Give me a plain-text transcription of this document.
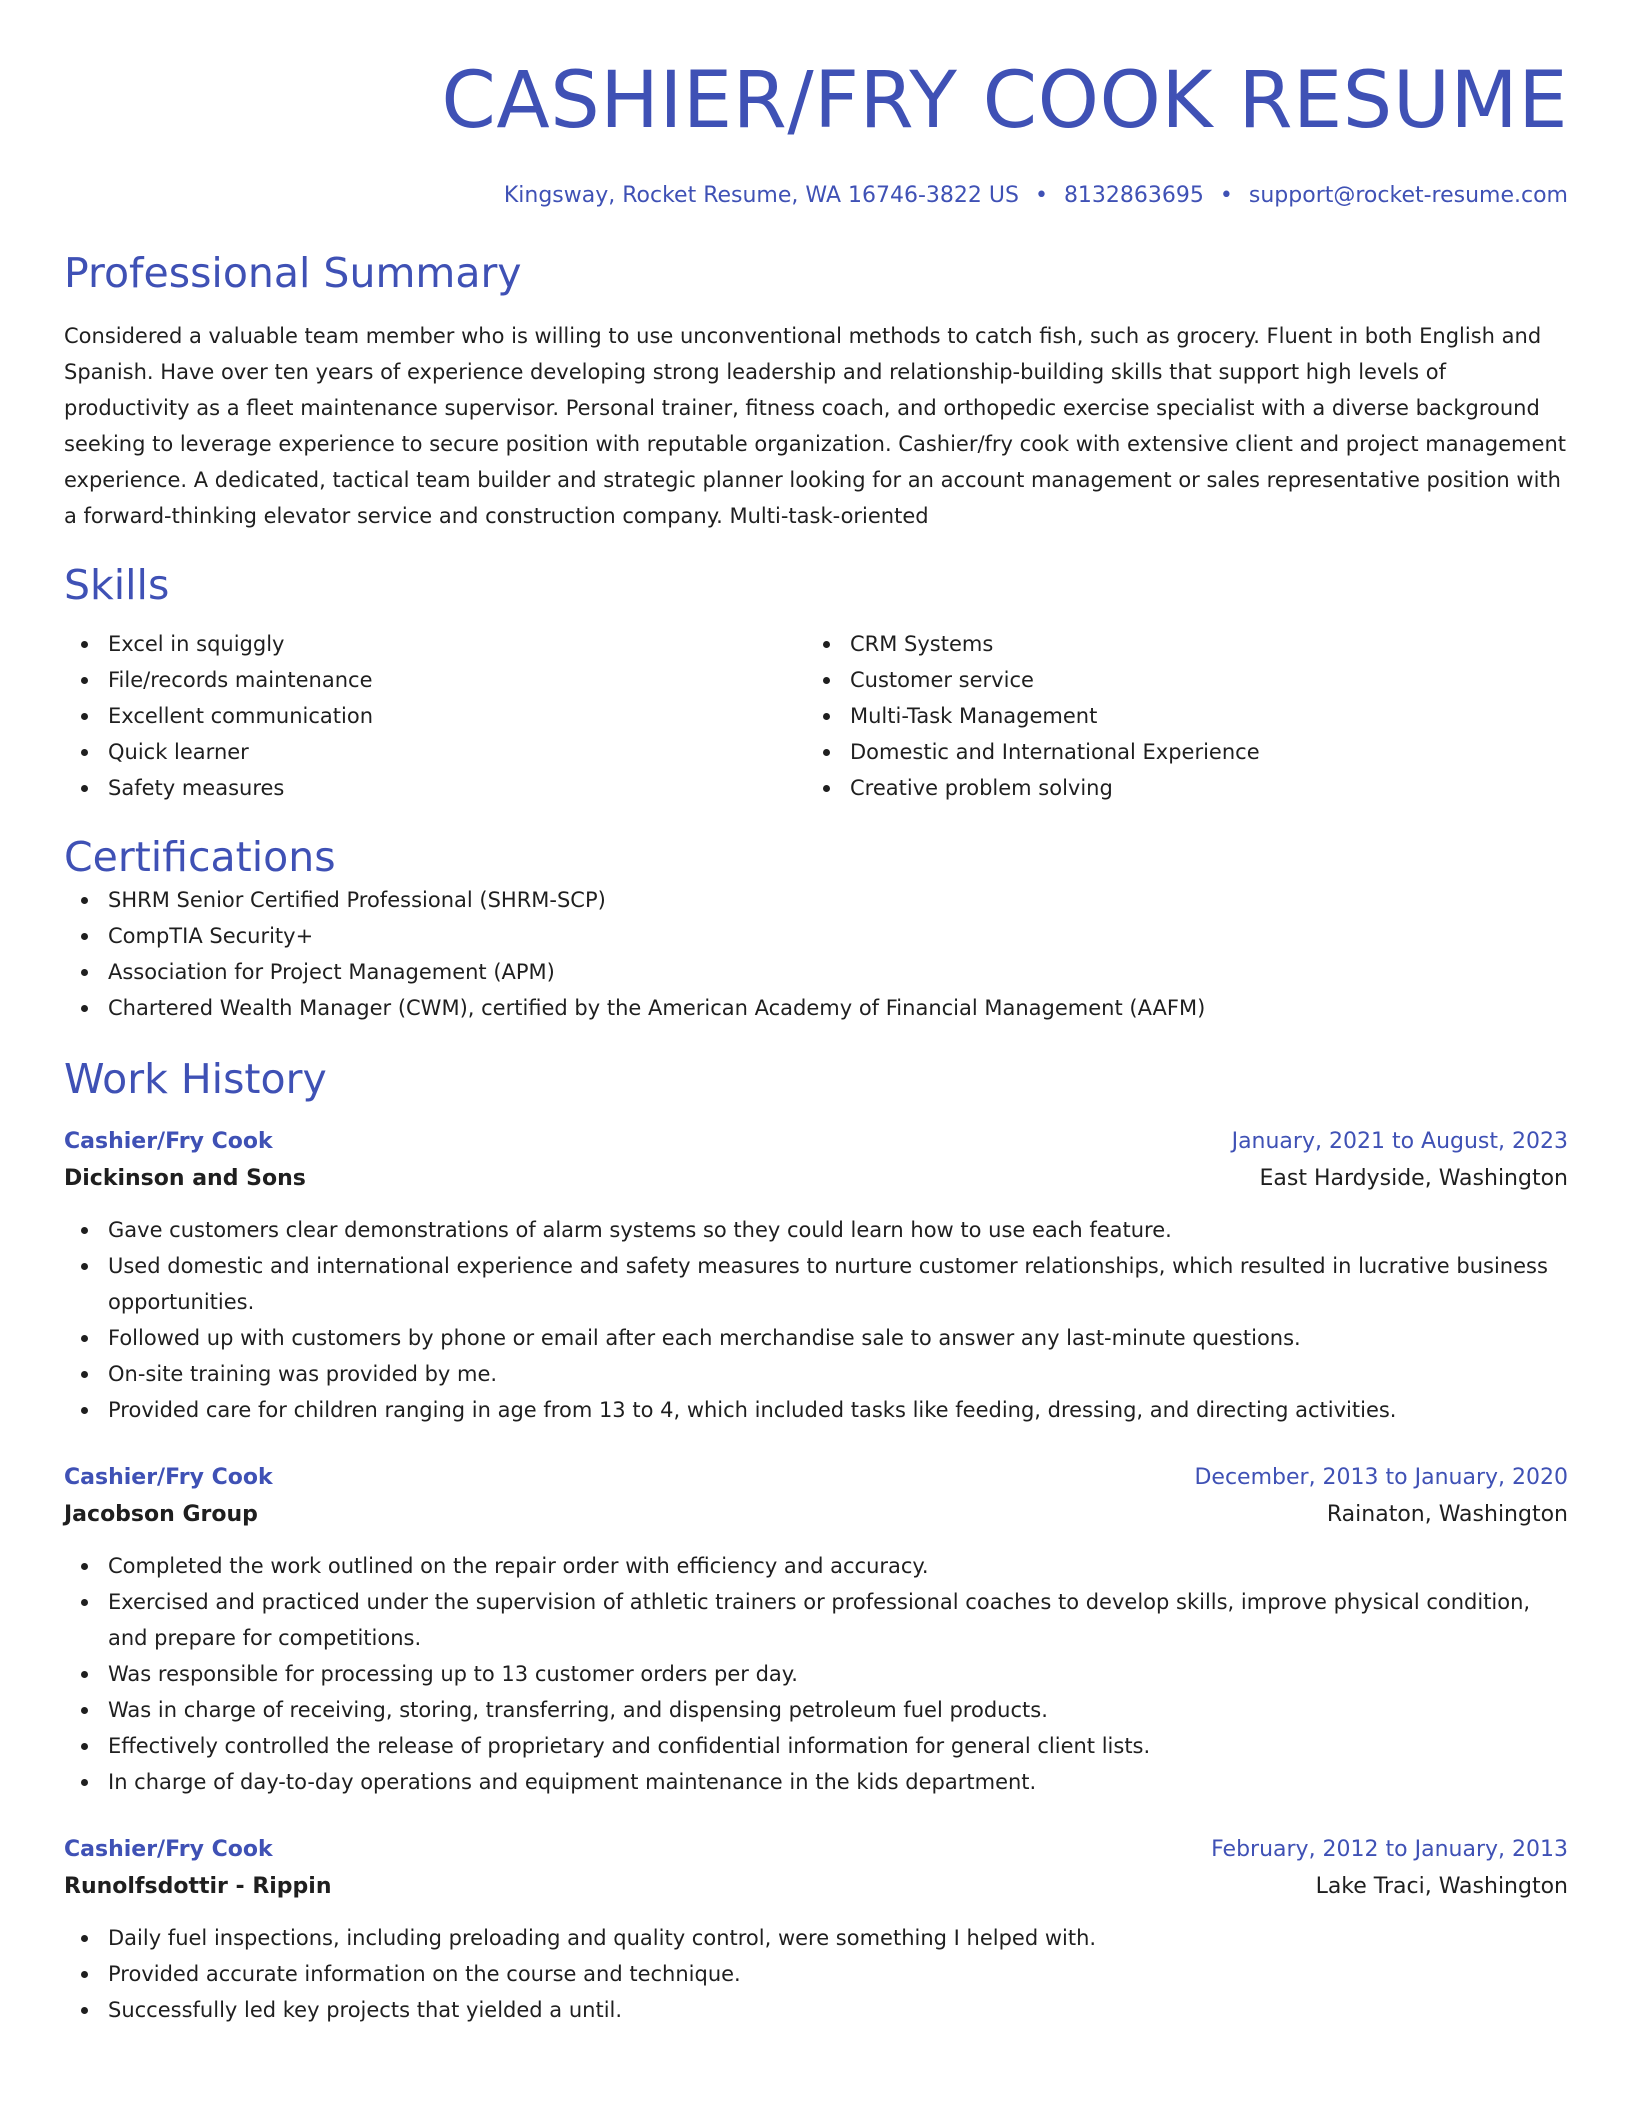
CASHIER/FRY COOK RESUME
Kingsway, Rocket Resume, WA 16746-3822 US • 8132863695 • support@rocket-resume.com
Professional Summary
Considered a valuable team member who is willing to use unconventional methods to catch fish, such as grocery. Fluent in both English and Spanish. Have over ten years of experience developing strong leadership and relationship-building skills that support high levels of productivity as a fleet maintenance supervisor. Personal trainer, fitness coach, and orthopedic exercise specialist with a diverse background seeking to leverage experience to secure position with reputable organization. Cashier/fry cook with extensive client and project management experience. A dedicated, tactical team builder and strategic planner looking for an account management or sales representative position with a forward-thinking elevator service and construction company. Multi-task-oriented
Skills
Excel in squiggly
File/records maintenance
Excellent communication
Quick learner
Safety measures
CRM Systems
Customer service
Multi-Task Management
Domestic and International Experience
Creative problem solving
Certifications
SHRM Senior Certified Professional (SHRM-SCP)
CompTIA Security+
Association for Project Management (APM)
Chartered Wealth Manager (CWM), certified by the American Academy of Financial Management (AAFM)
Work History
Cashier/Fry Cook	January, 2021 to August, 2023
Dickinson and Sons	East Hardyside, Washington
Gave customers clear demonstrations of alarm systems so they could learn how to use each feature.
Used domestic and international experience and safety measures to nurture customer relationships, which resulted in lucrative business opportunities.
Followed up with customers by phone or email after each merchandise sale to answer any last-minute questions.
On-site training was provided by me.
Provided care for children ranging in age from 13 to 4, which included tasks like feeding, dressing, and directing activities.
Cashier/Fry Cook	December, 2013 to January, 2020
Jacobson Group	Rainaton, Washington
Completed the work outlined on the repair order with efficiency and accuracy.
Exercised and practiced under the supervision of athletic trainers or professional coaches to develop skills, improve physical condition, and prepare for competitions.
Was responsible for processing up to 13 customer orders per day.
Was in charge of receiving, storing, transferring, and dispensing petroleum fuel products.
Effectively controlled the release of proprietary and confidential information for general client lists.
In charge of day-to-day operations and equipment maintenance in the kids department.
Cashier/Fry Cook	February, 2012 to January, 2013
Runolfsdottir - Rippin	Lake Traci, Washington
Daily fuel inspections, including preloading and quality control, were something I helped with.
Provided accurate information on the course and technique.
Successfully led key projects that yielded a until.
